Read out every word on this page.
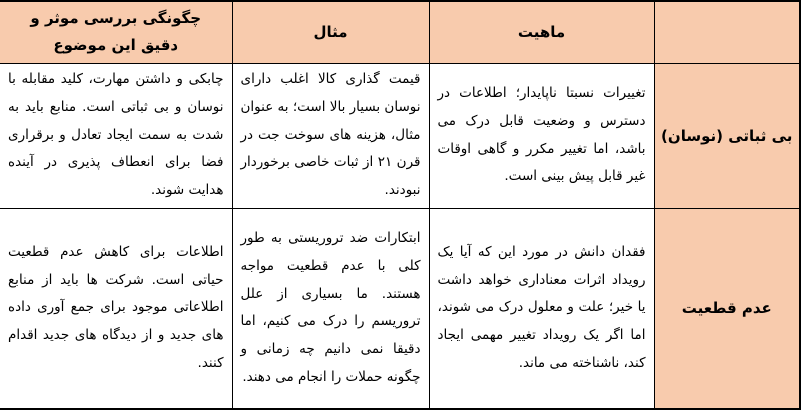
	ماهیت	مثال	چگونگی بررسی موثر و دقیق این موضوع
بی ثباتی (نوسان)	تغییرات نسبتا ناپایدار؛ اطلاعات در دسترس و وضعیت قابل درک می باشد، اما تغییر مکرر و گاهی اوقات غیر قابل پیش بینی است.	قیمت گذاری کالا اغلب دارای نوسان بسیار بالا است؛ به عنوان مثال، هزینه های سوخت جت در قرن ۲۱ از ثبات خاصی برخوردار نبودند.	چابکی و داشتن مهارت، کلید مقابله با نوسان و بی ثباتی است. منابع باید به شدت به سمت ایجاد تعادل و برقراری فضا برای انعطاف پذیری در آینده هدایت شوند.
عدم قطعیت	فقدان دانش در مورد این که آیا یک رویداد اثرات معناداری خواهد داشت یا خیر؛ علت و معلول درک می شوند، اما اگر یک رویداد تغییر مهمی ایجاد کند، ناشناخته می ماند.	ابتکارات ضد تروریستی به طور کلی با عدم قطعیت مواجه هستند. ما بسیاری از علل تروریسم را درک می کنیم، اما دقیقا نمی دانیم چه زمانی و چگونه حملات را انجام می دهند.	اطلاعات برای کاهش عدم قطعیت حیاتی است. شرکت ها باید از منابع اطلاعاتی موجود برای جمع آوری داده های جدید و از دیدگاه های جدید اقدام کنند.
